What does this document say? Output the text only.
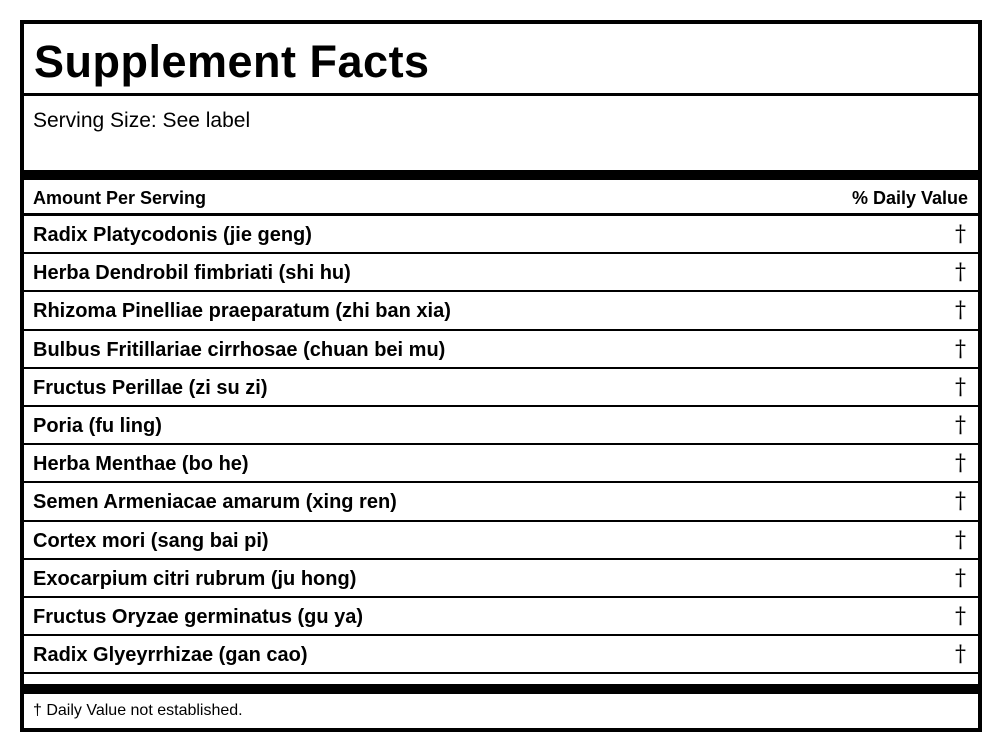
Supplement Facts
Serving Size: See label
Amount Per Serving	% Daily Value
Radix Platycodonis (jie geng)	†
Herba Dendrobil fimbriati (shi hu)	†
Rhizoma Pinelliae praeparatum (zhi ban xia)	†
Bulbus Fritillariae cirrhosae (chuan bei mu)	†
Fructus Perillae (zi su zi)	†
Poria (fu ling)	†
Herba Menthae (bo he)	†
Semen Armeniacae amarum (xing ren)	†
Cortex mori (sang bai pi)	†
Exocarpium citri rubrum (ju hong)	†
Fructus Oryzae germinatus (gu ya)	†
Radix Glyeyrrhizae (gan cao)	†
† Daily Value not established.
